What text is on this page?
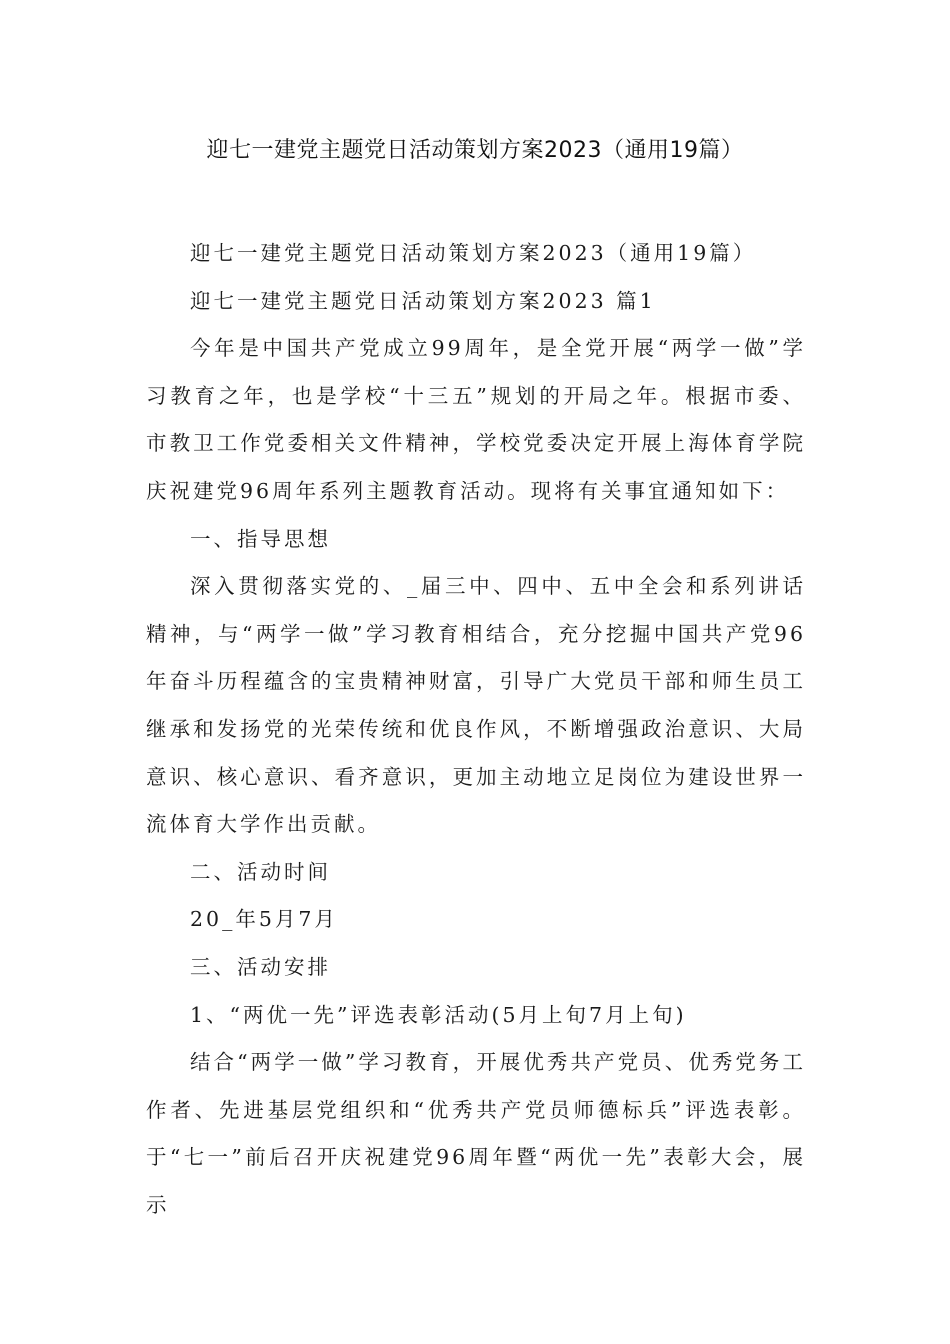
迎七一建党主题党日活动策划方案2023（通用19篇）

迎七一建党主题党日活动策划方案2023（通用19篇）

迎七一建党主题党日活动策划方案2023 篇1

今年是中国共产党成立99周年，是全党开展“两学一做”学习教育之年，也是学校“十三五”规划的开局之年。根据市委、市教卫工作党委相关文件精神，学校党委决定开展上海体育学院庆祝建党96周年系列主题教育活动。现将有关事宜通知如下：

一、指导思想

深入贯彻落实党的、_届三中、四中、五中全会和系列讲话精神，与“两学一做”学习教育相结合，充分挖掘中国共产党96年奋斗历程蕴含的宝贵精神财富，引导广大党员干部和师生员工继承和发扬党的光荣传统和优良作风，不断增强政治意识、大局意识、核心意识、看齐意识，更加主动地立足岗位为建设世界一流体育大学作出贡献。

二、活动时间

20_年5月7月

三、活动安排

1、“两优一先”评选表彰活动(5月上旬7月上旬)

结合“两学一做”学习教育，开展优秀共产党员、优秀党务工作者、先进基层党组织和“优秀共产党员师德标兵”评选表彰。于“七一”前后召开庆祝建党96周年暨“两优一先”表彰大会，展示
